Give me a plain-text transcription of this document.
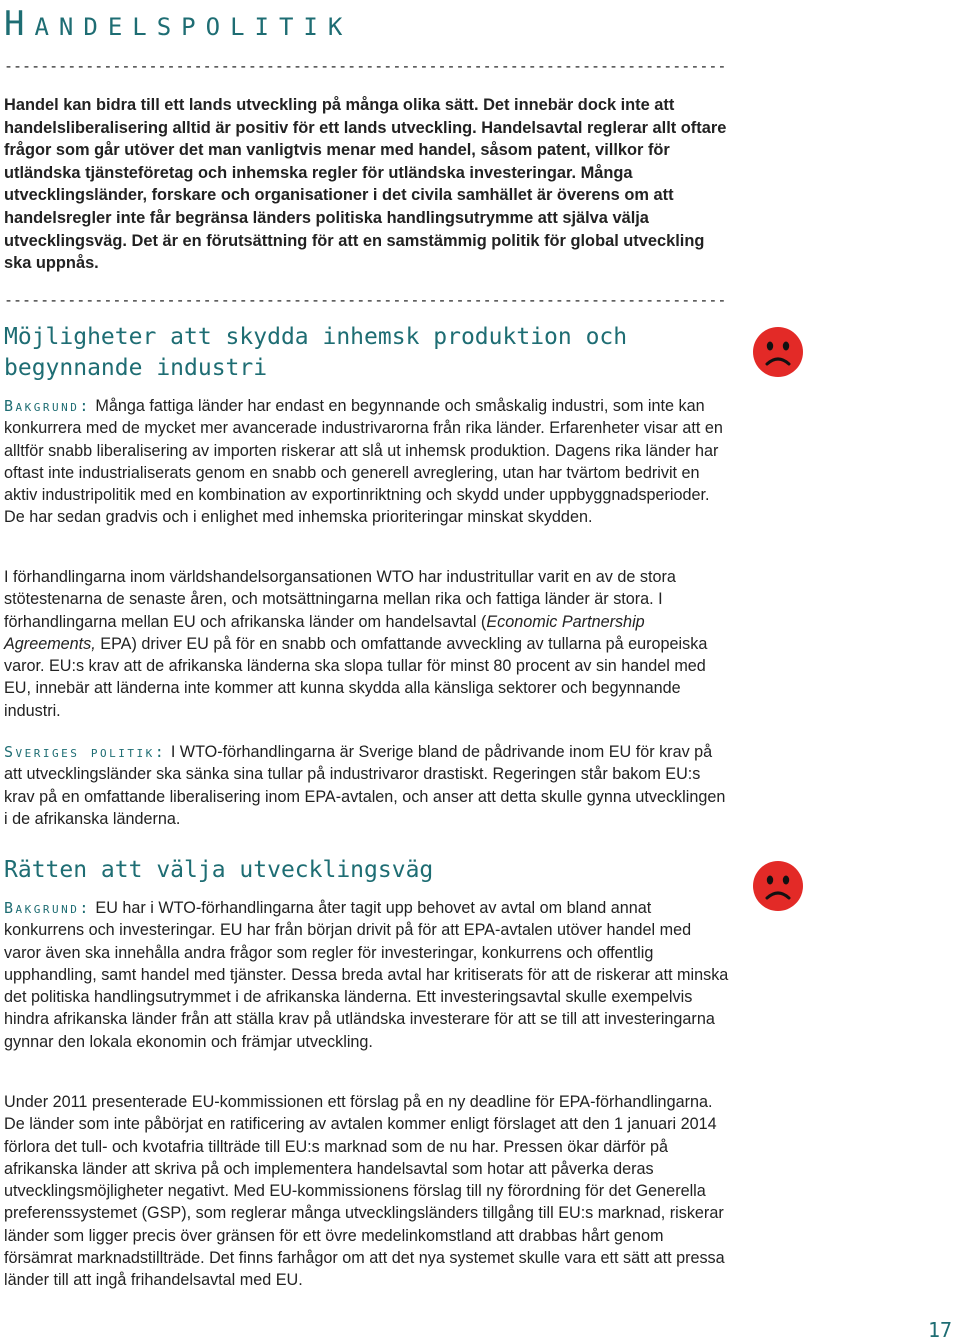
Handelspolitik
--------------------------------------------------------------------------------

Handel kan bidra till ett lands utveckling på många olika sätt. Det innebär dock inte att handelsliberalisering alltid är positiv för ett lands utveckling. Handelsavtal reglerar allt oftare frågor som går utöver det man vanligtvis menar med handel, såsom patent, villkor för utländska tjänsteföretag och inhemska regler för utländska investeringar. Många utvecklingsländer, forskare och organisationer i det civila samhället är överens om att handelsregler inte får begränsa länders politiska handlingsutrymme att själva välja utvecklingsväg. Det är en förutsättning för att en samstämmig politik för global utveckling ska uppnås.

--------------------------------------------------------------------------------
Möjligheter att skydda inhemsk produktion och begynnande industri

Bakgrund: Många fattiga länder har endast en begynnande och småskalig industri, som inte kan konkurrera med de mycket mer avancerade industrivarorna från rika länder. Erfarenheter visar att en alltför snabb liberalisering av importen riskerar att slå ut inhemsk produktion. Dagens rika länder har oftast inte industrialiserats genom en snabb och generell avreglering, utan har tvärtom bedrivit en aktiv industripolitik med en kombination av exportinriktning och skydd under uppbyggnadsperioder. De har sedan gradvis och i enlighet med inhemska prioriteringar minskat skydden.

I förhandlingarna inom världshandelsorgansationen WTO har industritullar varit en av de stora stötestenarna de senaste åren, och motsättningarna mellan rika och fattiga länder är stora. I förhandlingarna mellan EU och afrikanska länder om handelsavtal (Economic Partnership Agreements, EPA) driver EU på för en snabb och omfattande avveckling av tullarna på europeiska varor. EU:s krav att de afrikanska länderna ska slopa tullar för minst 80 procent av sin handel med EU, innebär att länderna inte kommer att kunna skydda alla känsliga sektorer och begynnande industri.

Sveriges politik: I WTO-förhandlingarna är Sverige bland de pådrivande inom EU för krav på att utvecklingsländer ska sänka sina tullar på industrivaror drastiskt. Regeringen står bakom EU:s krav på en omfattande liberalisering inom EPA-avtalen, och anser att detta skulle gynna utvecklingen i de afrikanska länderna.

Rätten att välja utvecklingsväg

Bakgrund: EU har i WTO-förhandlingarna åter tagit upp behovet av avtal om bland annat konkurrens och investeringar. EU har från början drivit på för att EPA-avtalen utöver handel med varor även ska innehålla andra frågor som regler för investeringar, konkurrens och offentlig upphandling, samt handel med tjänster. Dessa breda avtal har kritiserats för att de riskerar att minska det politiska handlingsutrymmet i de afrikanska länderna. Ett investeringsavtal skulle exempelvis hindra afrikanska länder från att ställa krav på utländska investerare för att se till att investeringarna gynnar den lokala ekonomin och främjar utveckling.

Under 2011 presenterade EU-kommissionen ett förslag på en ny deadline för EPA-förhandlingarna. De länder som inte påbörjat en ratificering av avtalen kommer enligt förslaget att den 1 januari 2014 förlora det tull- och kvotafria tillträde till EU:s marknad som de nu har. Pressen ökar därför på afrikanska länder att skriva på och implementera handelsavtal som hotar att påverka deras utvecklingsmöjligheter negativt. Med EU-kommissionens förslag till ny förordning för det Generella preferenssystemet (GSP), som reglerar många utvecklingsländers tillgång till EU:s marknad, riskerar länder som ligger precis över gränsen för ett övre medelinkomstland att drabbas hårt genom försämrat marknadstillträde. Det finns farhågor om att det nya systemet skulle vara ett sätt att pressa länder till att ingå frihandelsavtal med EU.

17
